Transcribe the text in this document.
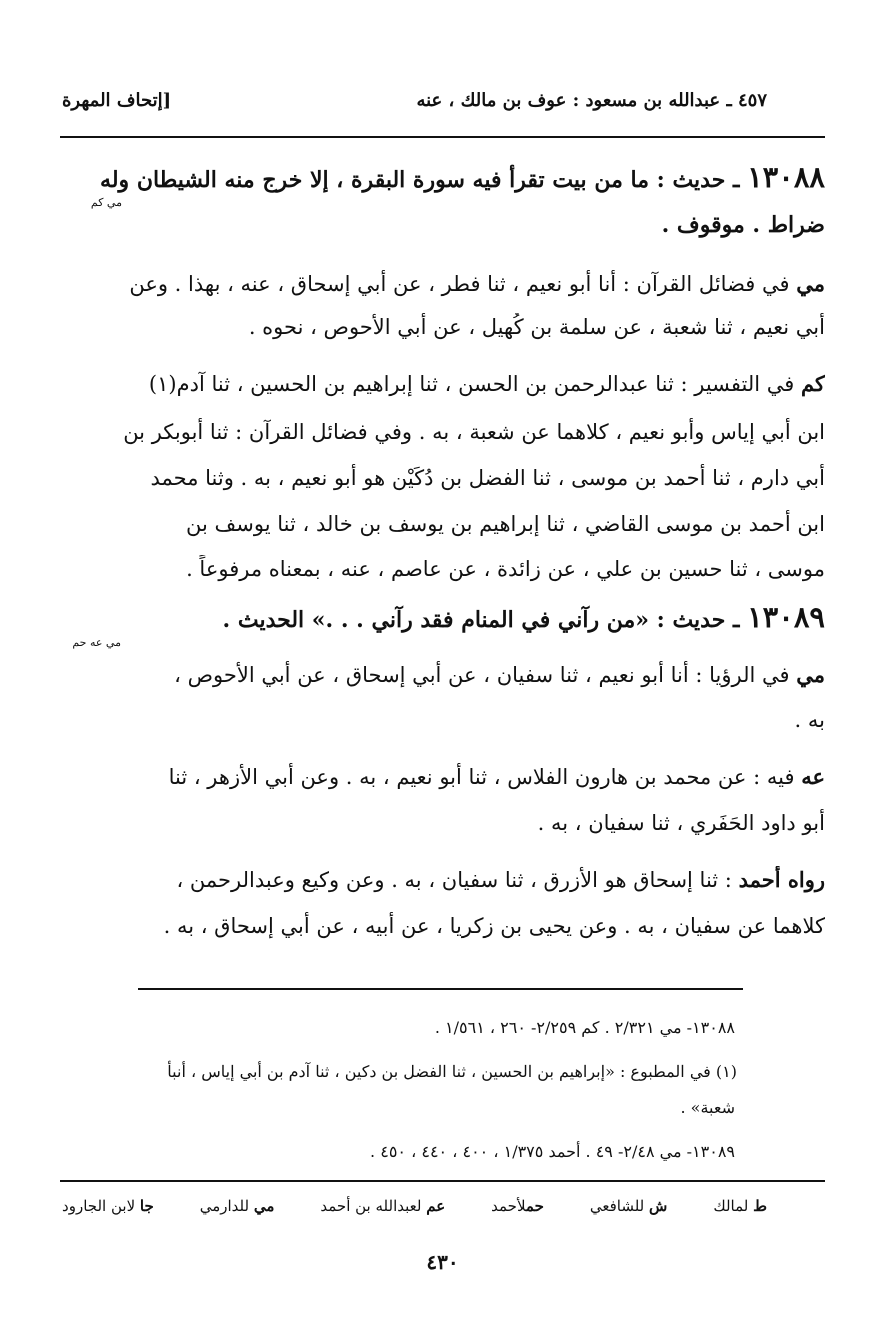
٤٥٧ ـ عبدالله بن مسعود : عوف بن مالك ، عنه
[إتحاف المهرة
١٣٠٨٨ ـ حديث : ما من بيت تقرأ فيه سورة البقرة ، إلا خرج منه الشيطان وله
مي كم
ضراط . موقوف .
مي في فضائل القرآن : أنا أبو نعيم ، ثنا فطر ، عن أبي إسحاق ، عنه ، بهذا . وعن
أبي نعيم ، ثنا شعبة ، عن سلمة بن كُهيل ، عن أبي الأحوص ، نحوه .
كم في التفسير : ثنا عبدالرحمن بن الحسن ، ثنا إبراهيم بن الحسين ، ثنا آدم(١)
ابن أبي إياس وأبو نعيم ، كلاهما عن شعبة ، به . وفي فضائل القرآن : ثنا أبوبكر بن
أبي دارم ، ثنا أحمد بن موسى ، ثنا الفضل بن دُكَيْن هو أبو نعيم ، به . وثنا محمد
ابن أحمد بن موسى القاضي ، ثنا إبراهيم بن يوسف بن خالد ، ثنا يوسف بن
موسى ، ثنا حسين بن علي ، عن زائدة ، عن عاصم ، عنه ، بمعناه مرفوعاً .
١٣٠٨٩ ـ حديث : «من رآني في المنام فقد رآني . . .» الحديث .
مي عه حم
مي في الرؤيا : أنا أبو نعيم ، ثنا سفيان ، عن أبي إسحاق ، عن أبي الأحوص ،
به .
عه فيه : عن محمد بن هارون الفلاس ، ثنا أبو نعيم ، به . وعن أبي الأزهر ، ثنا
أبو داود الحَفَري ، ثنا سفيان ، به .
رواه أحمد : ثنا إسحاق هو الأزرق ، ثنا سفيان ، به . وعن وكيع وعبدالرحمن ،
كلاهما عن سفيان ، به . وعن يحيى بن زكريا ، عن أبيه ، عن أبي إسحاق ، به .
١٣٠٨٨- مي ٢/٣٢١ . كم ٢/٢٥٩- ٢٦٠ ، ١/٥٦١ .
(١) في المطبوع : «إبراهيم بن الحسين ، ثنا الفضل بن دكين ، ثنا آدم بن أبي إياس ، أنبأ
شعبة» .
١٣٠٨٩- مي ٢/٤٨- ٤٩ . أحمد ١/٣٧٥ ، ٤٠٠ ، ٤٤٠ ، ٤٥٠ .
ط لمالك
ش للشافعي
حملأحمد
عم لعبدالله بن أحمد
مي للدارمي
جا لابن الجارود
٤٣٠
